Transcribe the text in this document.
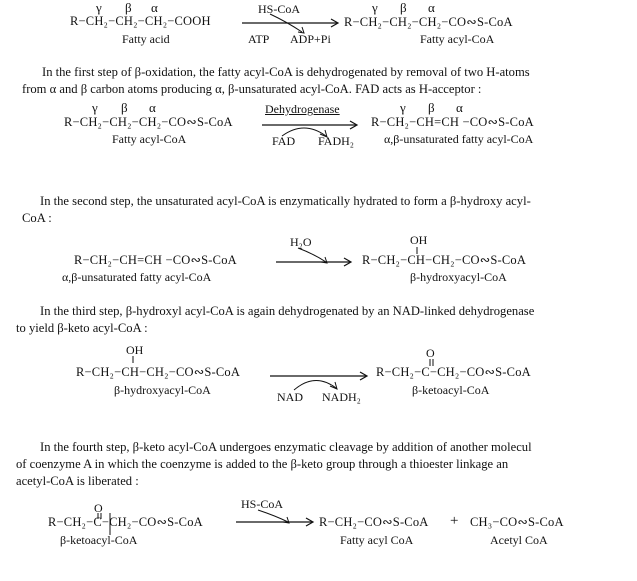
γ β α
R−CH₂−CH₂−CH₂−COOH
Fatty acid
HS-CoA
ATP ADP+Pi
γ β α
R−CH₂−CH₂−CH₂−CO∾S-CoA
Fatty acyl-CoA
In the first step of β-oxidation, the fatty acyl-CoA is dehydrogenated by removal of two H-atoms
from α and β carbon atoms producing α, β-unsaturated acyl-CoA. FAD acts as H-acceptor :
γ β α
R−CH₂−CH₂−CH₂−CO∾S-CoA
Fatty acyl-CoA
Dehydrogenase
FAD FADH₂
γ β α
R−CH₂−CH=CH −CO∾S-CoA
α,β-unsaturated fatty acyl-CoA
In the second step, the unsaturated acyl-CoA is enzymatically hydrated to form a β-hydroxy acyl-
CoA :
R−CH₂−CH=CH −CO∾S-CoA
α,β-unsaturated fatty acyl-CoA
H₂O	OH
R−CH₂−CH−CH₂−CO∾S-CoA
β-hydroxyacyl-CoA
In the third step, β-hydroxyl acyl-CoA is again dehydrogenated by an NAD-linked dehydrogenase
to yield β-keto acyl-CoA :
OH
R−CH₂−CH−CH₂−CO∾S-CoA
β-hydroxyacyl-CoA	NAD NADH₂
O
R−CH₂−C−CH₂−CO∾S-CoA
β-ketoacyl-CoA
In the fourth step, β-keto acyl-CoA undergoes enzymatic cleavage by addition of another molecul
of coenzyme A in which the coenzyme is added to the β-keto group through a thioester linkage an
acetyl-CoA is liberated :
O
R−CH₂−C−CH₂−CO∾S-CoA
β-ketoacyl-CoA
HS-CoA
R−CH₂−CO∾S-CoA
Fatty acyl CoA
+ CH₃−CO∾S-CoA
Acetyl CoA
